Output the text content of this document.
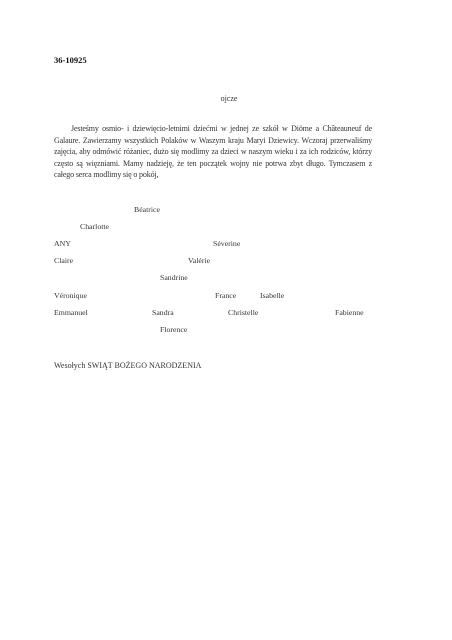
36-10925
ojcze
Jesteśmy osmio- i dziewięcio-letnimi dziećmi w jednej ze szkół w Diöme a Châteauneuf de Galaure. Zawierzamy wszystkich Polaków w Waszym kraju Maryi Dziewicy. Wczoraj przerwaliśmy zajęcia, aby odmówić różaniec, dużo się modlimy za dzieci w naszym wieku i za ich rodziców, którzy często są więzniami. Mamy nadzieję, że ten początek wojny nie potrwa zbyt długo. Tymczasem z całego serca modlimy się o pokój,
Béatrice
Charlotte
ANY	Séverine
Claire	Valérie
Sandrine
Véronique	France	Isabelle
Emmanuel	Sandra	Christelle	Fabienne
Florence
Wesołych SWIĄT BOŻEGO NARODZENIA
